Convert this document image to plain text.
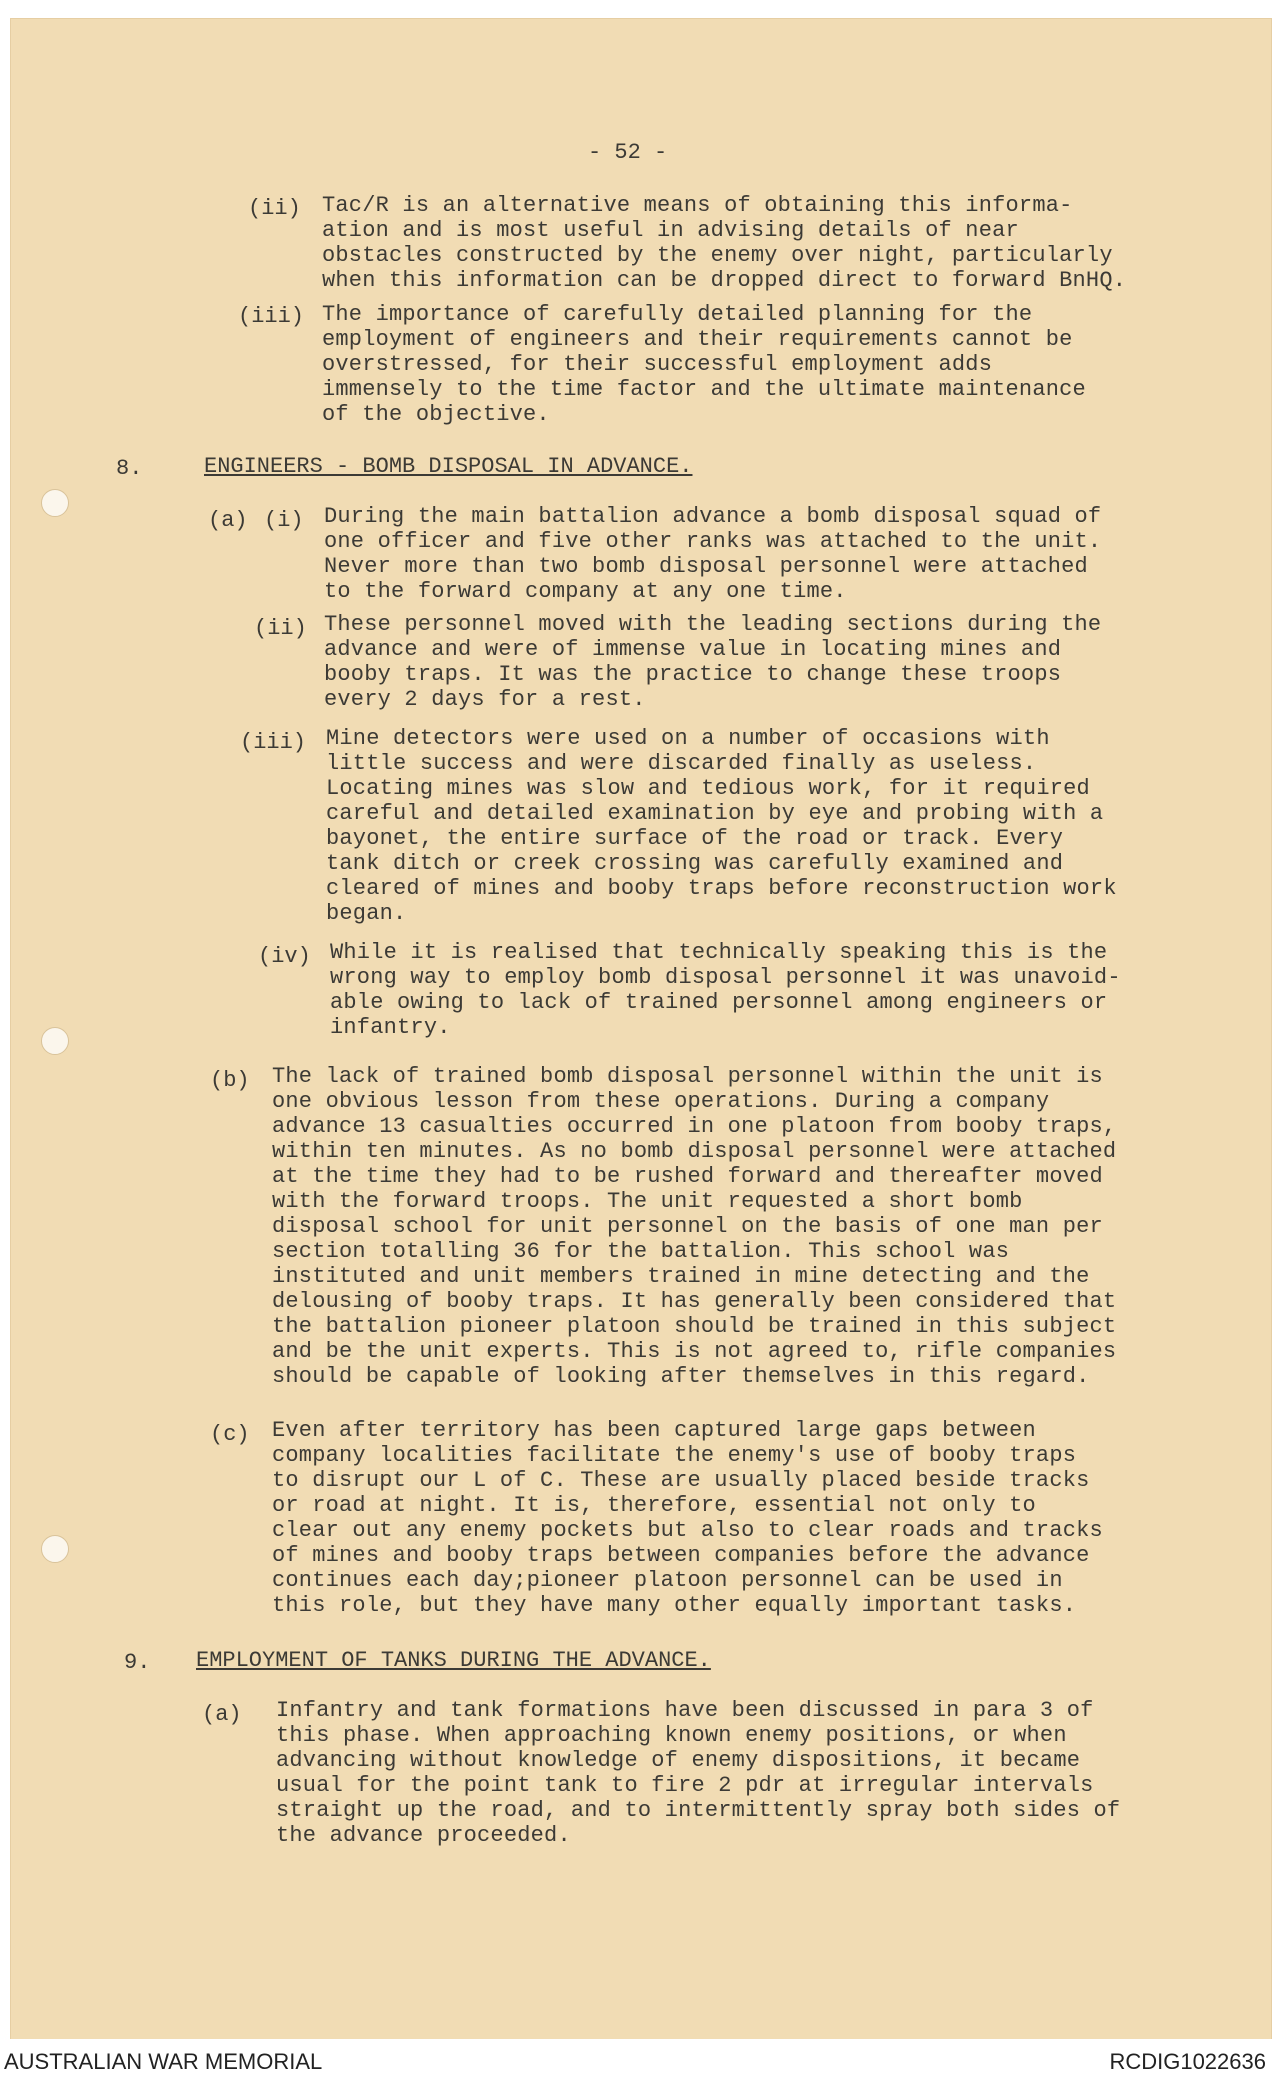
- 52 -
(ii) Tac/R is an alternative means of obtaining this informa-
ation and is most useful in advising details of near
obstacles constructed by the enemy over night, particularly
when this information can be dropped direct to forward BnHQ.
(iii) The importance of carefully detailed planning for the
employment of engineers and their requirements cannot be
overstressed, for their successful employment adds
immensely to the time factor and the ultimate maintenance
of the objective.
8.	ENGINEERS - BOMB DISPOSAL IN ADVANCE.
(a) (i) During the main battalion advance a bomb disposal squad of
one officer and five other ranks was attached to the unit.
Never more than two bomb disposal personnel were attached
to the forward company at any one time.
(ii) These personnel moved with the leading sections during the
advance and were of immense value in locating mines and
booby traps. It was the practice to change these troops
every 2 days for a rest.
(iii) Mine detectors were used on a number of occasions with
little success and were discarded finally as useless.
Locating mines was slow and tedious work, for it required
careful and detailed examination by eye and probing with a
bayonet, the entire surface of the road or track. Every
tank ditch or creek crossing was carefully examined and
cleared of mines and booby traps before reconstruction work
began.
(iv) While it is realised that technically speaking this is the
wrong way to employ bomb disposal personnel it was unavoid-
able owing to lack of trained personnel among engineers or
infantry.
(b) The lack of trained bomb disposal personnel within the unit is
one obvious lesson from these operations. During a company
advance 13 casualties occurred in one platoon from booby traps,
within ten minutes. As no bomb disposal personnel were attached
at the time they had to be rushed forward and thereafter moved
with the forward troops. The unit requested a short bomb
disposal school for unit personnel on the basis of one man per
section totalling 36 for the battalion. This school was
instituted and unit members trained in mine detecting and the
delousing of booby traps. It has generally been considered that
the battalion pioneer platoon should be trained in this subject
and be the unit experts. This is not agreed to, rifle companies
should be capable of looking after themselves in this regard.
(c) Even after territory has been captured large gaps between
company localities facilitate the enemy's use of booby traps
to disrupt our L of C. These are usually placed beside tracks
or road at night. It is, therefore, essential not only to
clear out any enemy pockets but also to clear roads and tracks
of mines and booby traps between companies before the advance
continues each day;pioneer platoon personnel can be used in
this role, but they have many other equally important tasks.
9. EMPLOYMENT OF TANKS DURING THE ADVANCE.
(a) Infantry and tank formations have been discussed in para 3 of
this phase. When approaching known enemy positions, or when
advancing without knowledge of enemy dispositions, it became
usual for the point tank to fire 2 pdr at irregular intervals
straight up the road, and to intermittently spray both sides of
the advance proceeded.
AUSTRALIAN WAR MEMORIAL	RCDIG1022636
